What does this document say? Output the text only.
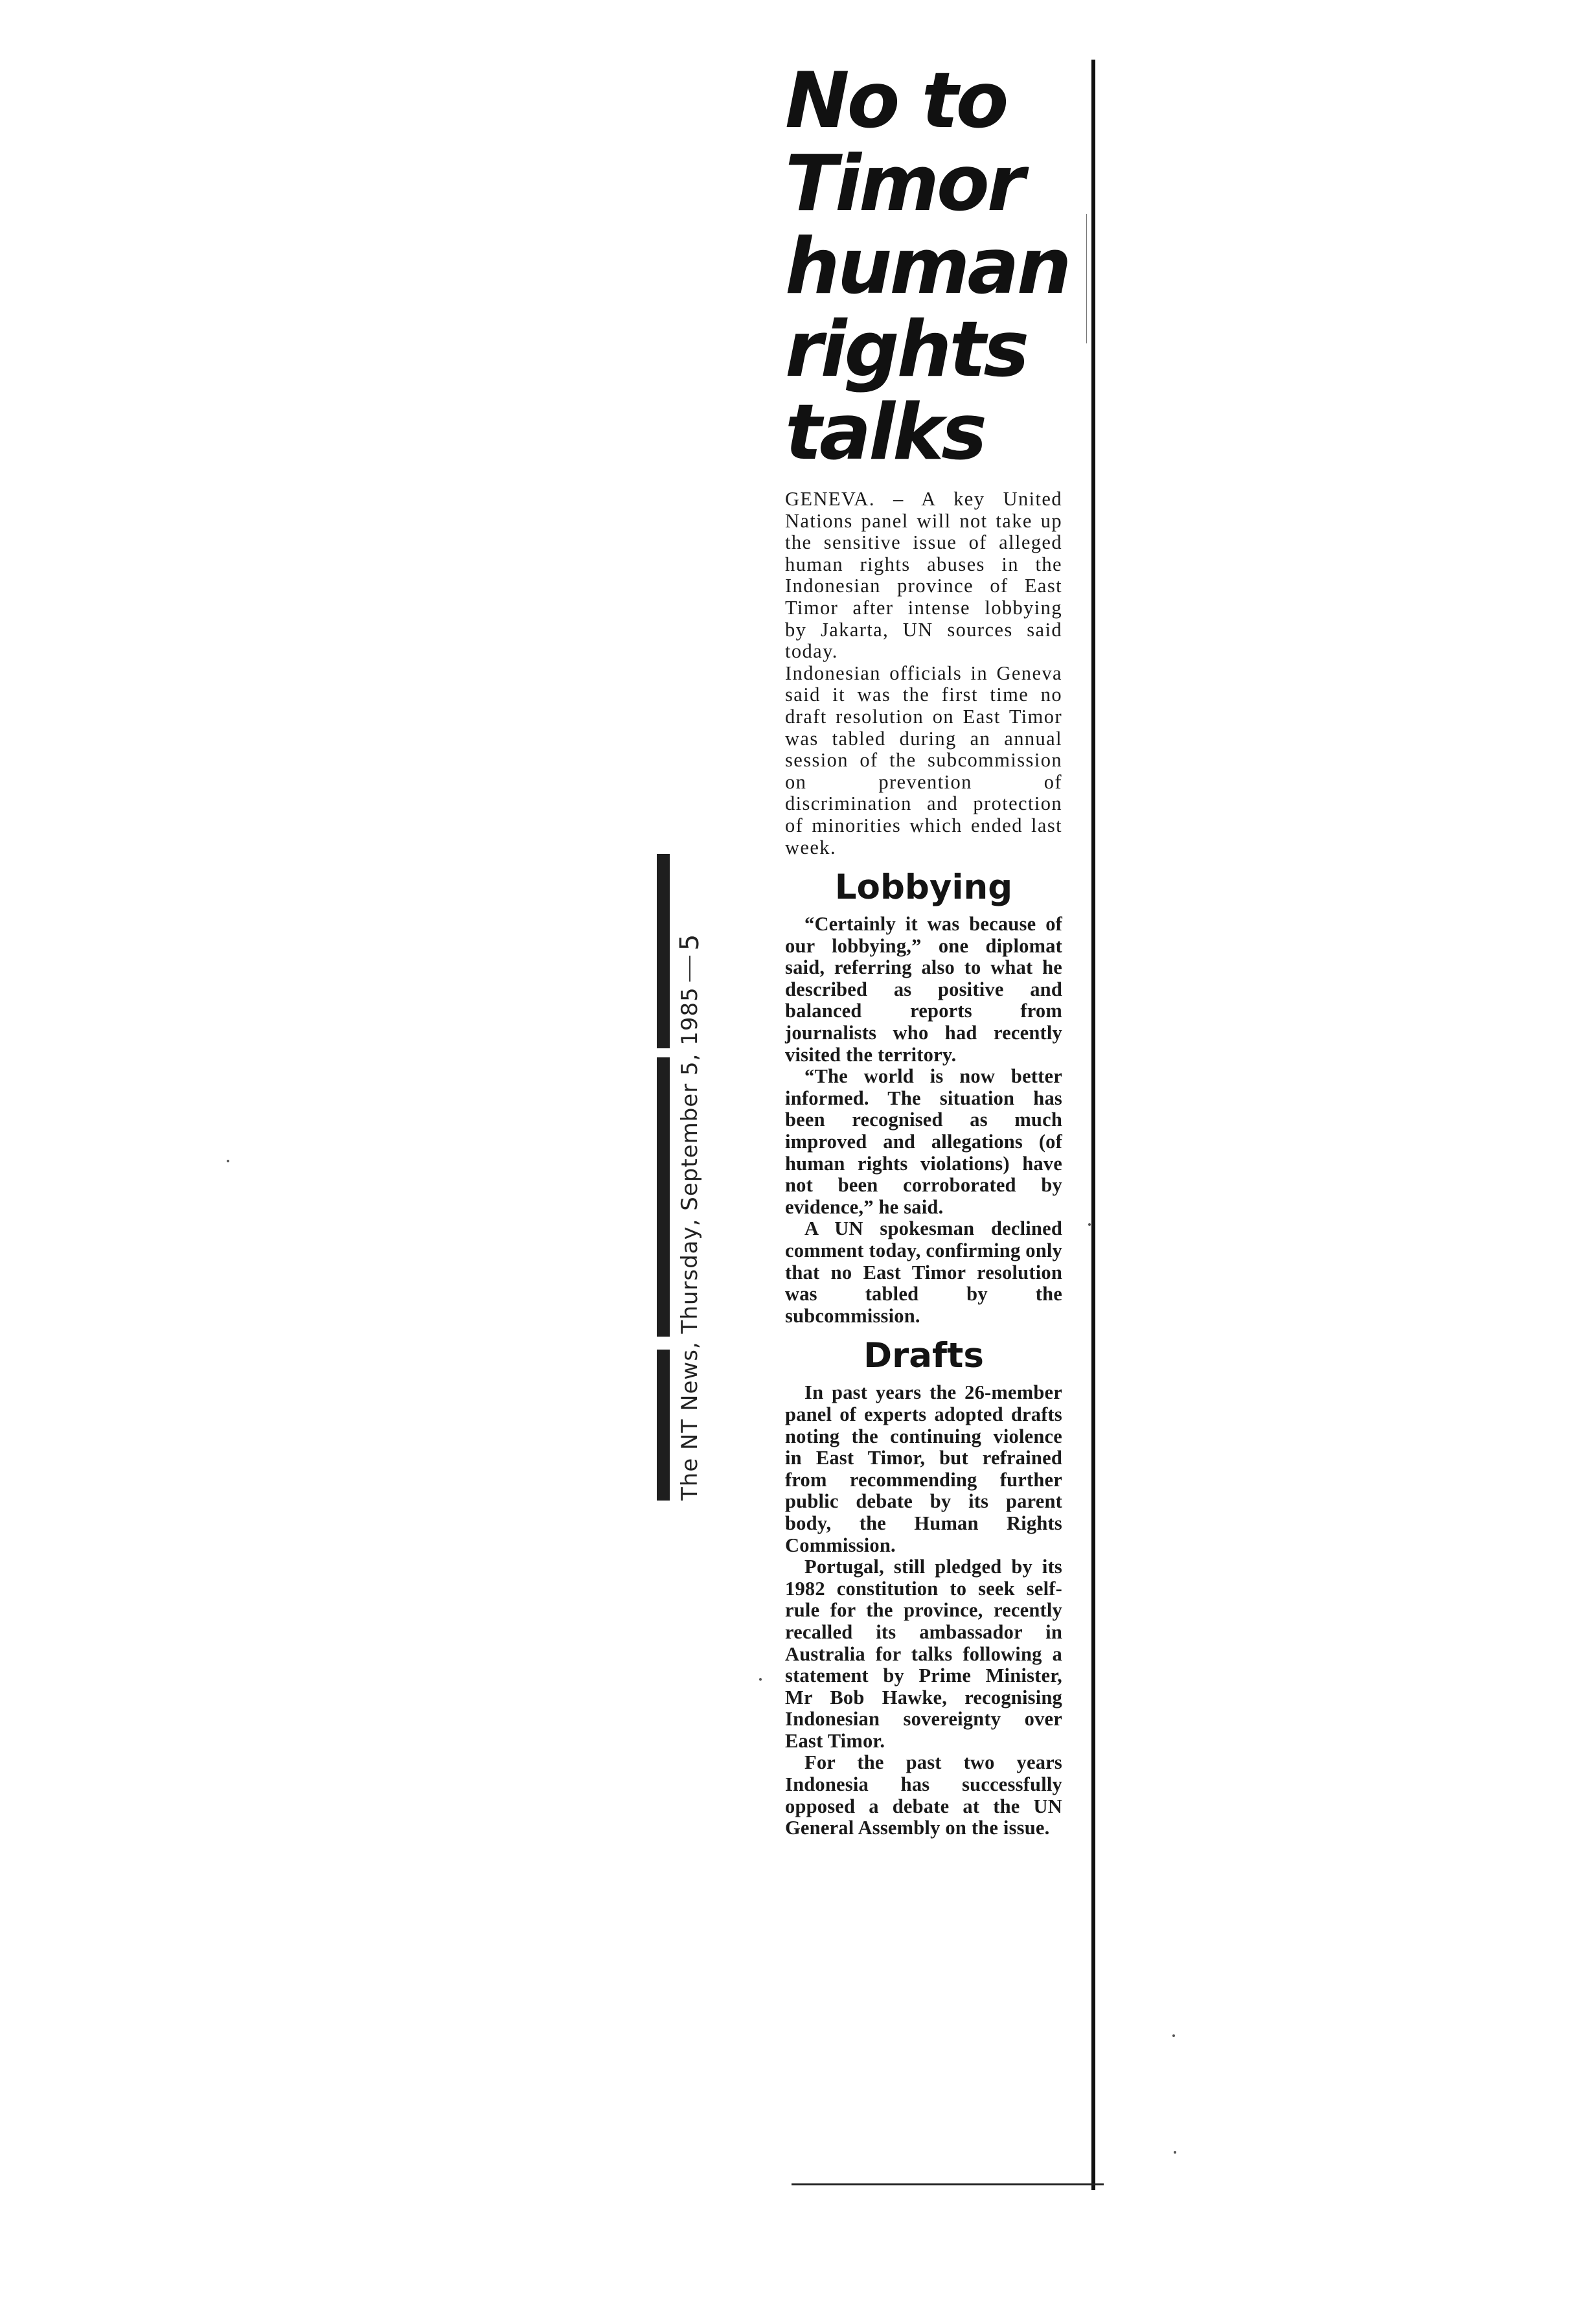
The NT News, Thursday, September 5, 1985
5
No to
Timor
human
rights
talks

GENEVA. – A key United Nations panel will not take up the sensitive issue of alleged human rights abuses in the Indonesian province of East Timor after intense lobbying by Jakarta, UN sources said today.

Indonesian officials in Geneva said it was the first time no draft resolution on East Timor was tabled during an annual session of the subcommission on prevention of discrimination and protection of minorities which ended last week.

Lobbying

“Certainly it was because of our lobbying,” one diplomat said, referring also to what he described as positive and balanced reports from journalists who had recently visited the territory.

“The world is now better informed. The situation has been recognised as much improved and allegations (of human rights violations) have not been corroborated by evidence,” he said.

A UN spokesman declined comment today, confirming only that no East Timor resolution was tabled by the subcommission.

Drafts

In past years the 26-member panel of experts adopted drafts noting the continuing violence in East Timor, but refrained from recommending further public debate by its parent body, the Human Rights Commission.

Portugal, still pledged by its 1982 constitution to seek self-rule for the province, recently recalled its ambassador in Australia for talks following a statement by Prime Minister, Mr Bob Hawke, recognising Indonesian sovereignty over East Timor.

For the past two years Indonesia has successfully opposed a debate at the UN General Assembly on the issue.
